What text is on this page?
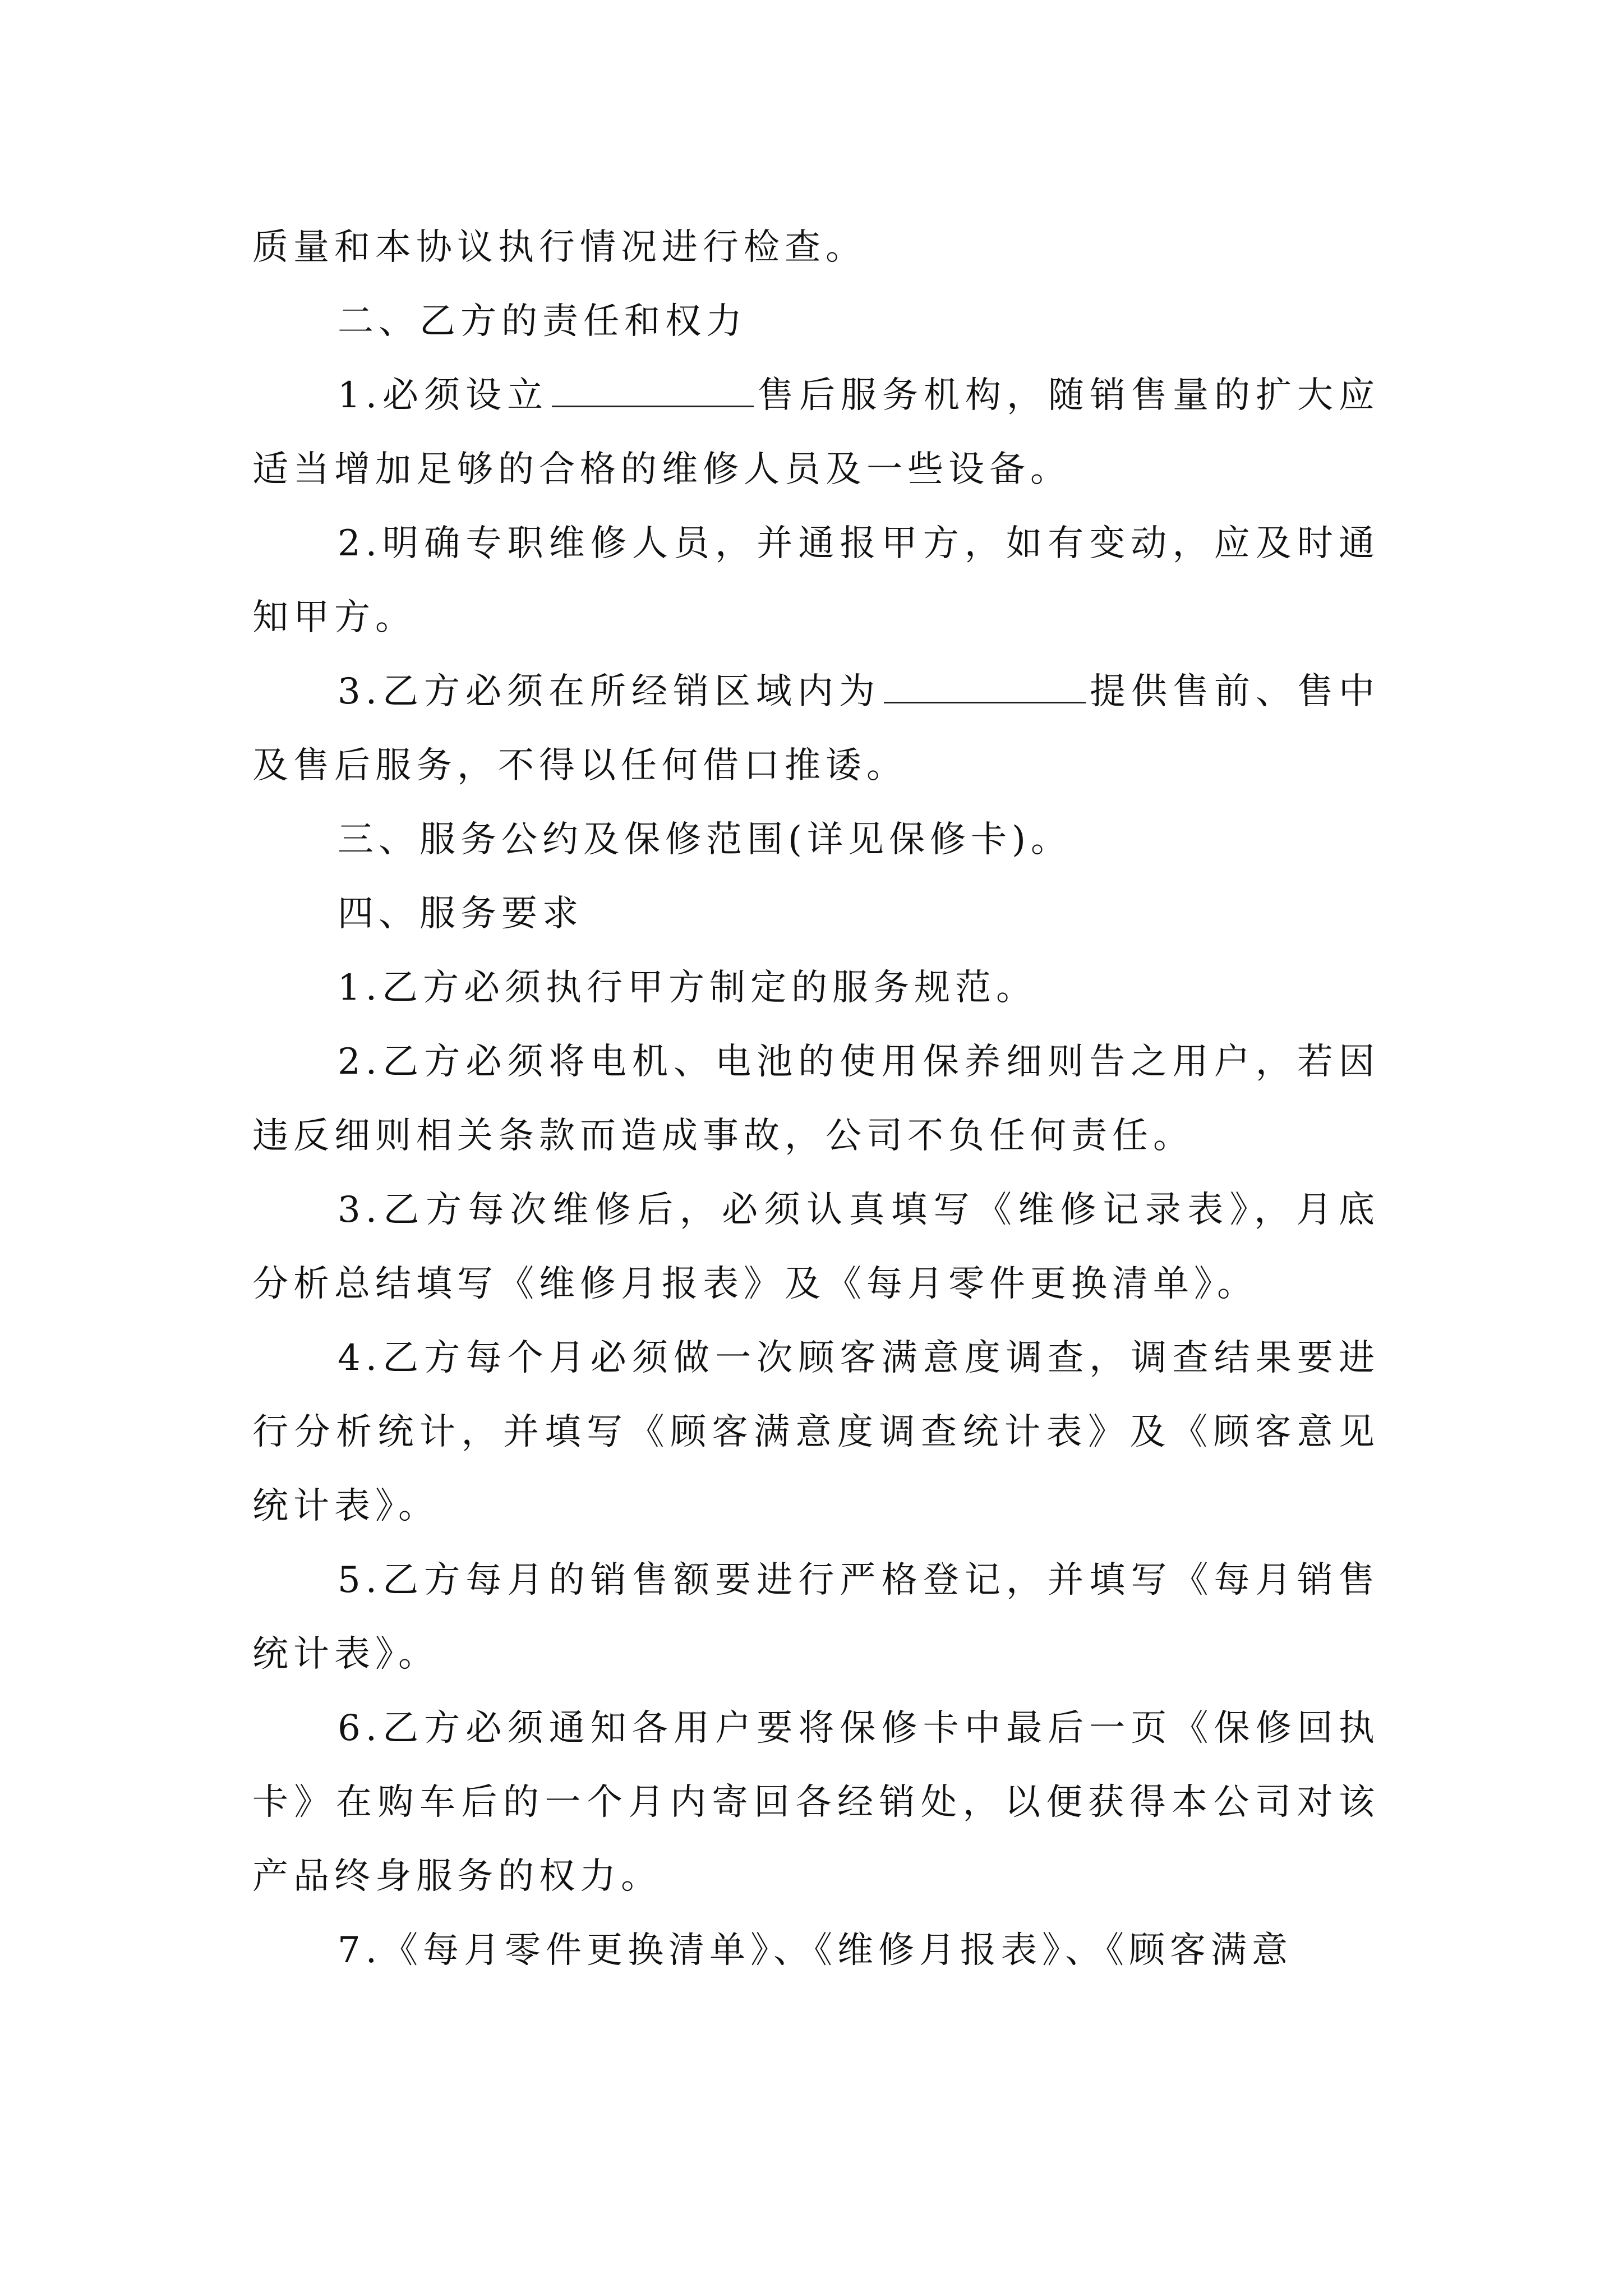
质量和本协议执行情况进行检查。

二、乙方的责任和权力

1.必须设立	售后服务机构，随销售量的扩大应适当增加足够的合格的维修人员及一些设备。

2.明确专职维修人员，并通报甲方，如有变动，应及时通知甲方。

3.乙方必须在所经销区域内为	提供售前、售中及售后服务，不得以任何借口推诿。

三、服务公约及保修范围(详见保修卡)。

四、服务要求

1.乙方必须执行甲方制定的服务规范。

2.乙方必须将电机、电池的使用保养细则告之用户，若因违反细则相关条款而造成事故，公司不负任何责任。

3.乙方每次维修后，必须认真填写《维修记录表》，月底分析总结填写《维修月报表》及《每月零件更换清单》。

4.乙方每个月必须做一次顾客满意度调查，调查结果要进行分析统计，并填写《顾客满意度调查统计表》及《顾客意见统计表》。

5.乙方每月的销售额要进行严格登记，并填写《每月销售统计表》。

6.乙方必须通知各用户要将保修卡中最后一页《保修回执卡》在购车后的一个月内寄回各经销处，以便获得本公司对该产品终身服务的权力。

7.《每月零件更换清单》、《维修月报表》、《顾客满意
